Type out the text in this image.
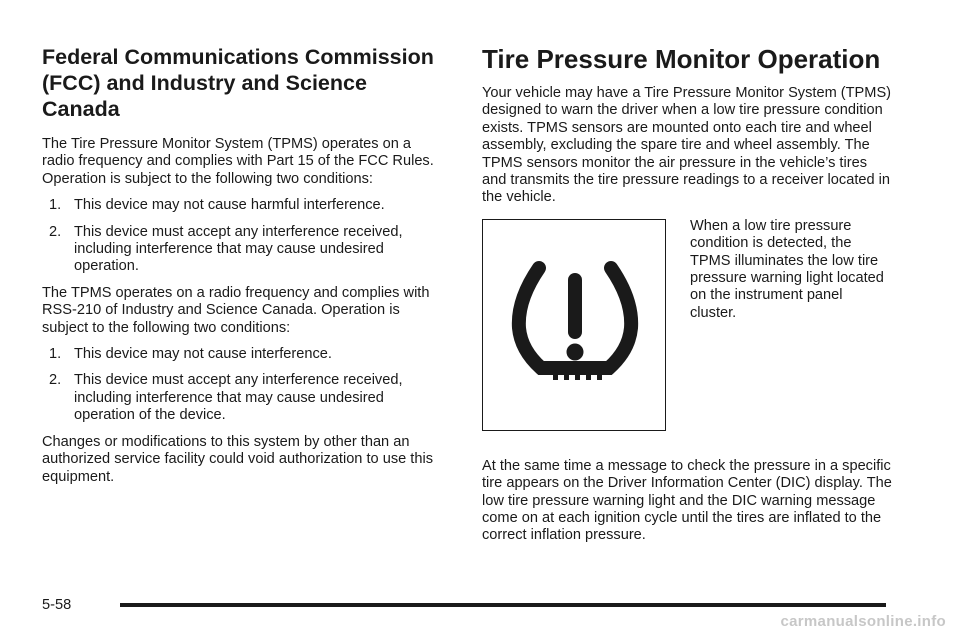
Federal Communications Commission (FCC) and Industry and Science Canada

The Tire Pressure Monitor System (TPMS) operates on a radio frequency and complies with Part 15 of the FCC Rules. Operation is subject to the following two conditions:

1. This device may not cause harmful interference.
2. This device must accept any interference received, including interference that may cause undesired operation.

The TPMS operates on a radio frequency and complies with RSS-210 of Industry and Science Canada. Operation is subject to the following two conditions:

1. This device may not cause interference.
2. This device must accept any interference received, including interference that may cause undesired operation of the device.

Changes or modifications to this system by other than an authorized service facility could void authorization to use this equipment.

Tire Pressure Monitor Operation

Your vehicle may have a Tire Pressure Monitor System (TPMS) designed to warn the driver when a low tire pressure condition exists. TPMS sensors are mounted onto each tire and wheel assembly, excluding the spare tire and wheel assembly. The TPMS sensors monitor the air pressure in the vehicle’s tires and transmits the tire pressure readings to a receiver located in the vehicle.

When a low tire pressure condition is detected, the TPMS illuminates the low tire pressure warning light located on the instrument panel cluster.

At the same time a message to check the pressure in a specific tire appears on the Driver Information Center (DIC) display. The low tire pressure warning light and the DIC warning message come on at each ignition cycle until the tires are inflated to the correct inflation pressure.

5-58
carmanualsonline.info
